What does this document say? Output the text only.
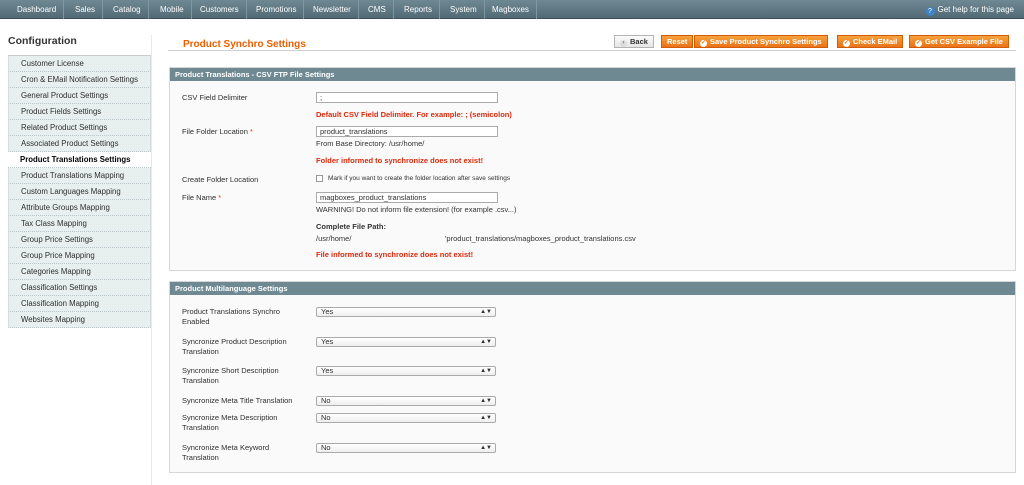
Dashboard	Sales	Catalog	Mobile	Customers	Promotions	Newsletter	CMS	Reports	System	Magboxes	? Get help for this page
Configuration
Customer License
Cron & EMail Notification Settings
General Product Settings
Product Fields Settings
Related Product Settings
Associated Product Settings
Product Translations Settings
Product Translations Mapping
Custom Languages Mapping
Attribute Groups Mapping
Tax Class Mapping
Group Price Settings
Group Price Mapping
Categories Mapping
Classification Settings
Classification Mapping
Websites Mapping
Product Synchro Settings	‹ Back	Reset	✓ Save Product Synchro Settings	✓ Check EMail	✓ Get CSV Example File
Product Translations - CSV FTP File Settings
CSV Field Delimiter	;
Default CSV Field Delimiter. For example: ; (semicolon)
File Folder Location *	product_translations
From Base Directory: /usr/home/
Folder informed to synchronize does not exist!
Create Folder Location	Mark if you want to create the folder location after save settings
File Name *	magboxes_product_translations
WARNING! Do not inform file extension! (for example .csv...)
Complete File Path:
/usr/home/	'product_translations/magboxes_product_translations.csv
File informed to synchronize does not exist!
Product Multilanguage Settings
Product Translations Synchro
Enabled
Yes	▲▼
Syncronize Product Description
Translation
Yes	▲▼
Syncronize Short Description
Translation
Yes	▲▼
Syncronize Meta Title Translation	No	▲▼
Syncronize Meta Description
Translation
No	▲▼
Syncronize Meta Keyword
Translation
No	▲▼
